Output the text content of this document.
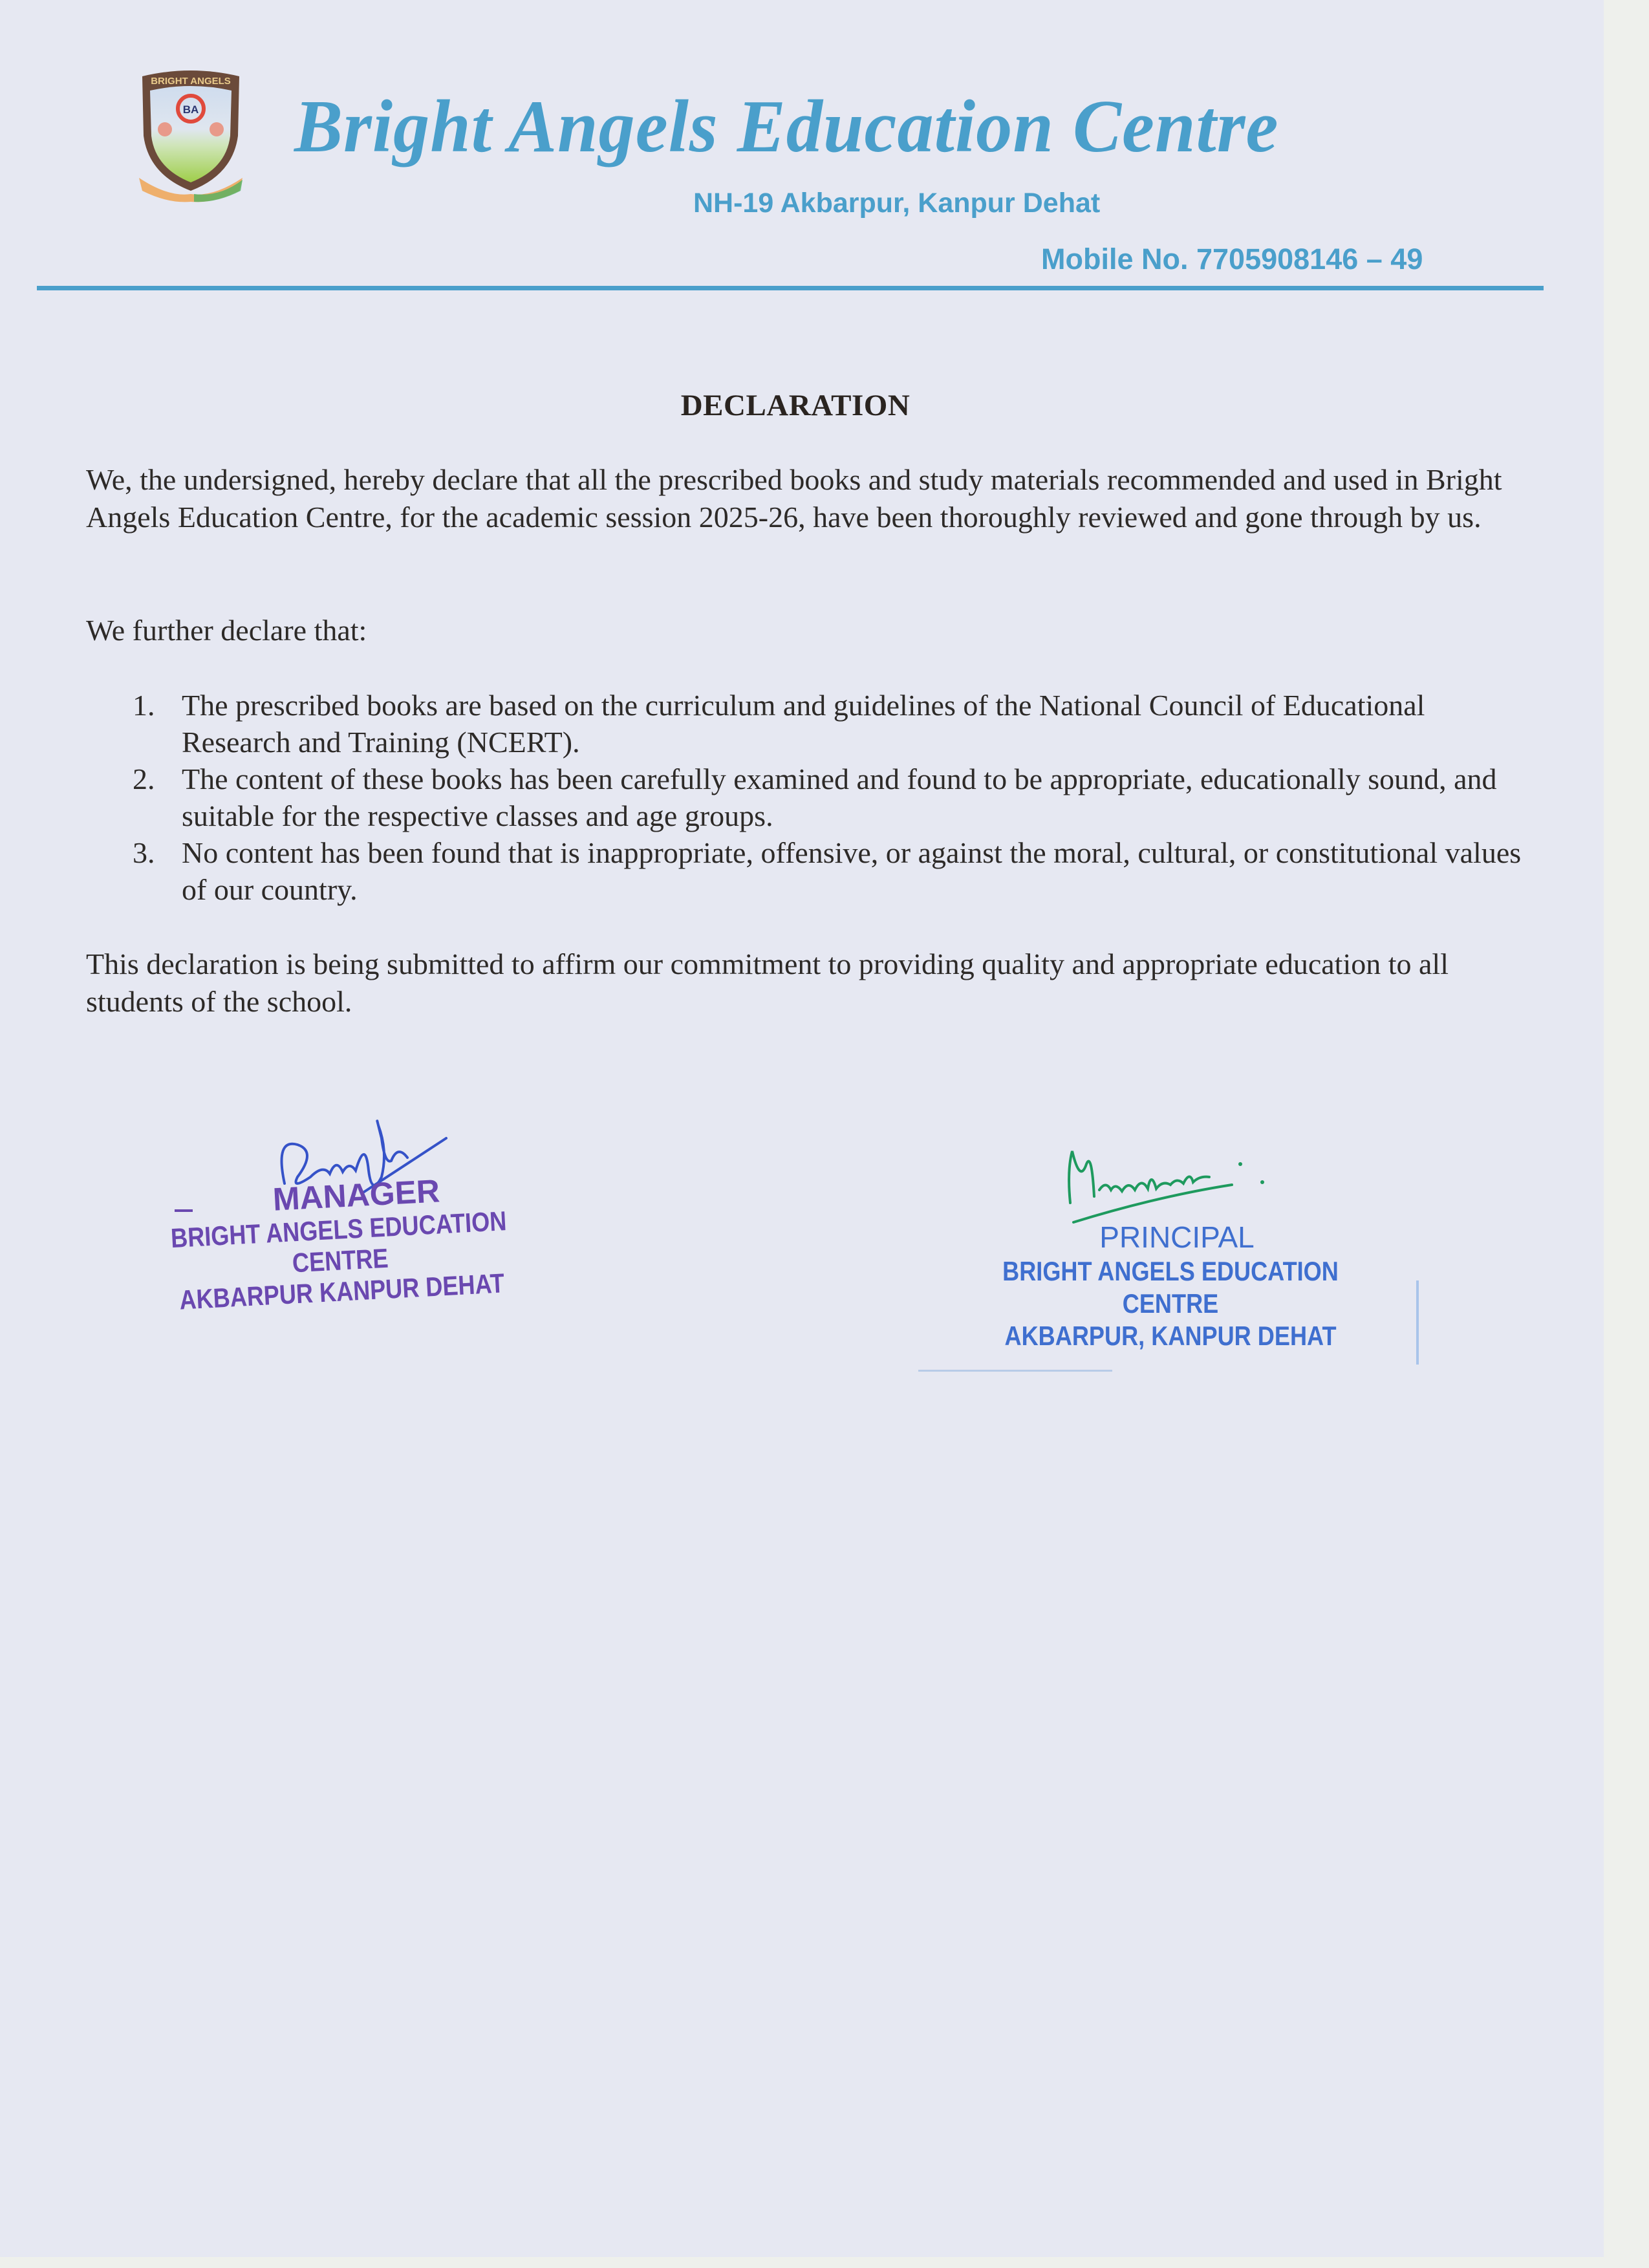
BRIGHT ANGELS
BA Bright Angels Education Centre
NH-19 Akbarpur, Kanpur Dehat
Mobile No. 7705908146 – 49
DECLARATION
We, the undersigned, hereby declare that all the prescribed books and study materials recommended and used in Bright Angels Education Centre, for the academic session 2025-26, have been thoroughly reviewed and gone through by us.
We further declare that:
1. The prescribed books are based on the curriculum and guidelines of the National Council of Educational Research and Training (NCERT).
2. The content of these books has been carefully examined and found to be appropriate, educationally sound, and suitable for the respective classes and age groups.
3. No content has been found that is inappropriate, offensive, or against the moral, cultural, or constitutional values of our country.
This declaration is being submitted to affirm our commitment to providing quality and appropriate education to all students of the school.
MANAGER
BRIGHT ANGELS EDUCATION CENTRE
AKBARPUR KANPUR DEHAT
PRINCIPAL
BRIGHT ANGELS EDUCATION CENTRE
AKBARPUR, KANPUR DEHAT
